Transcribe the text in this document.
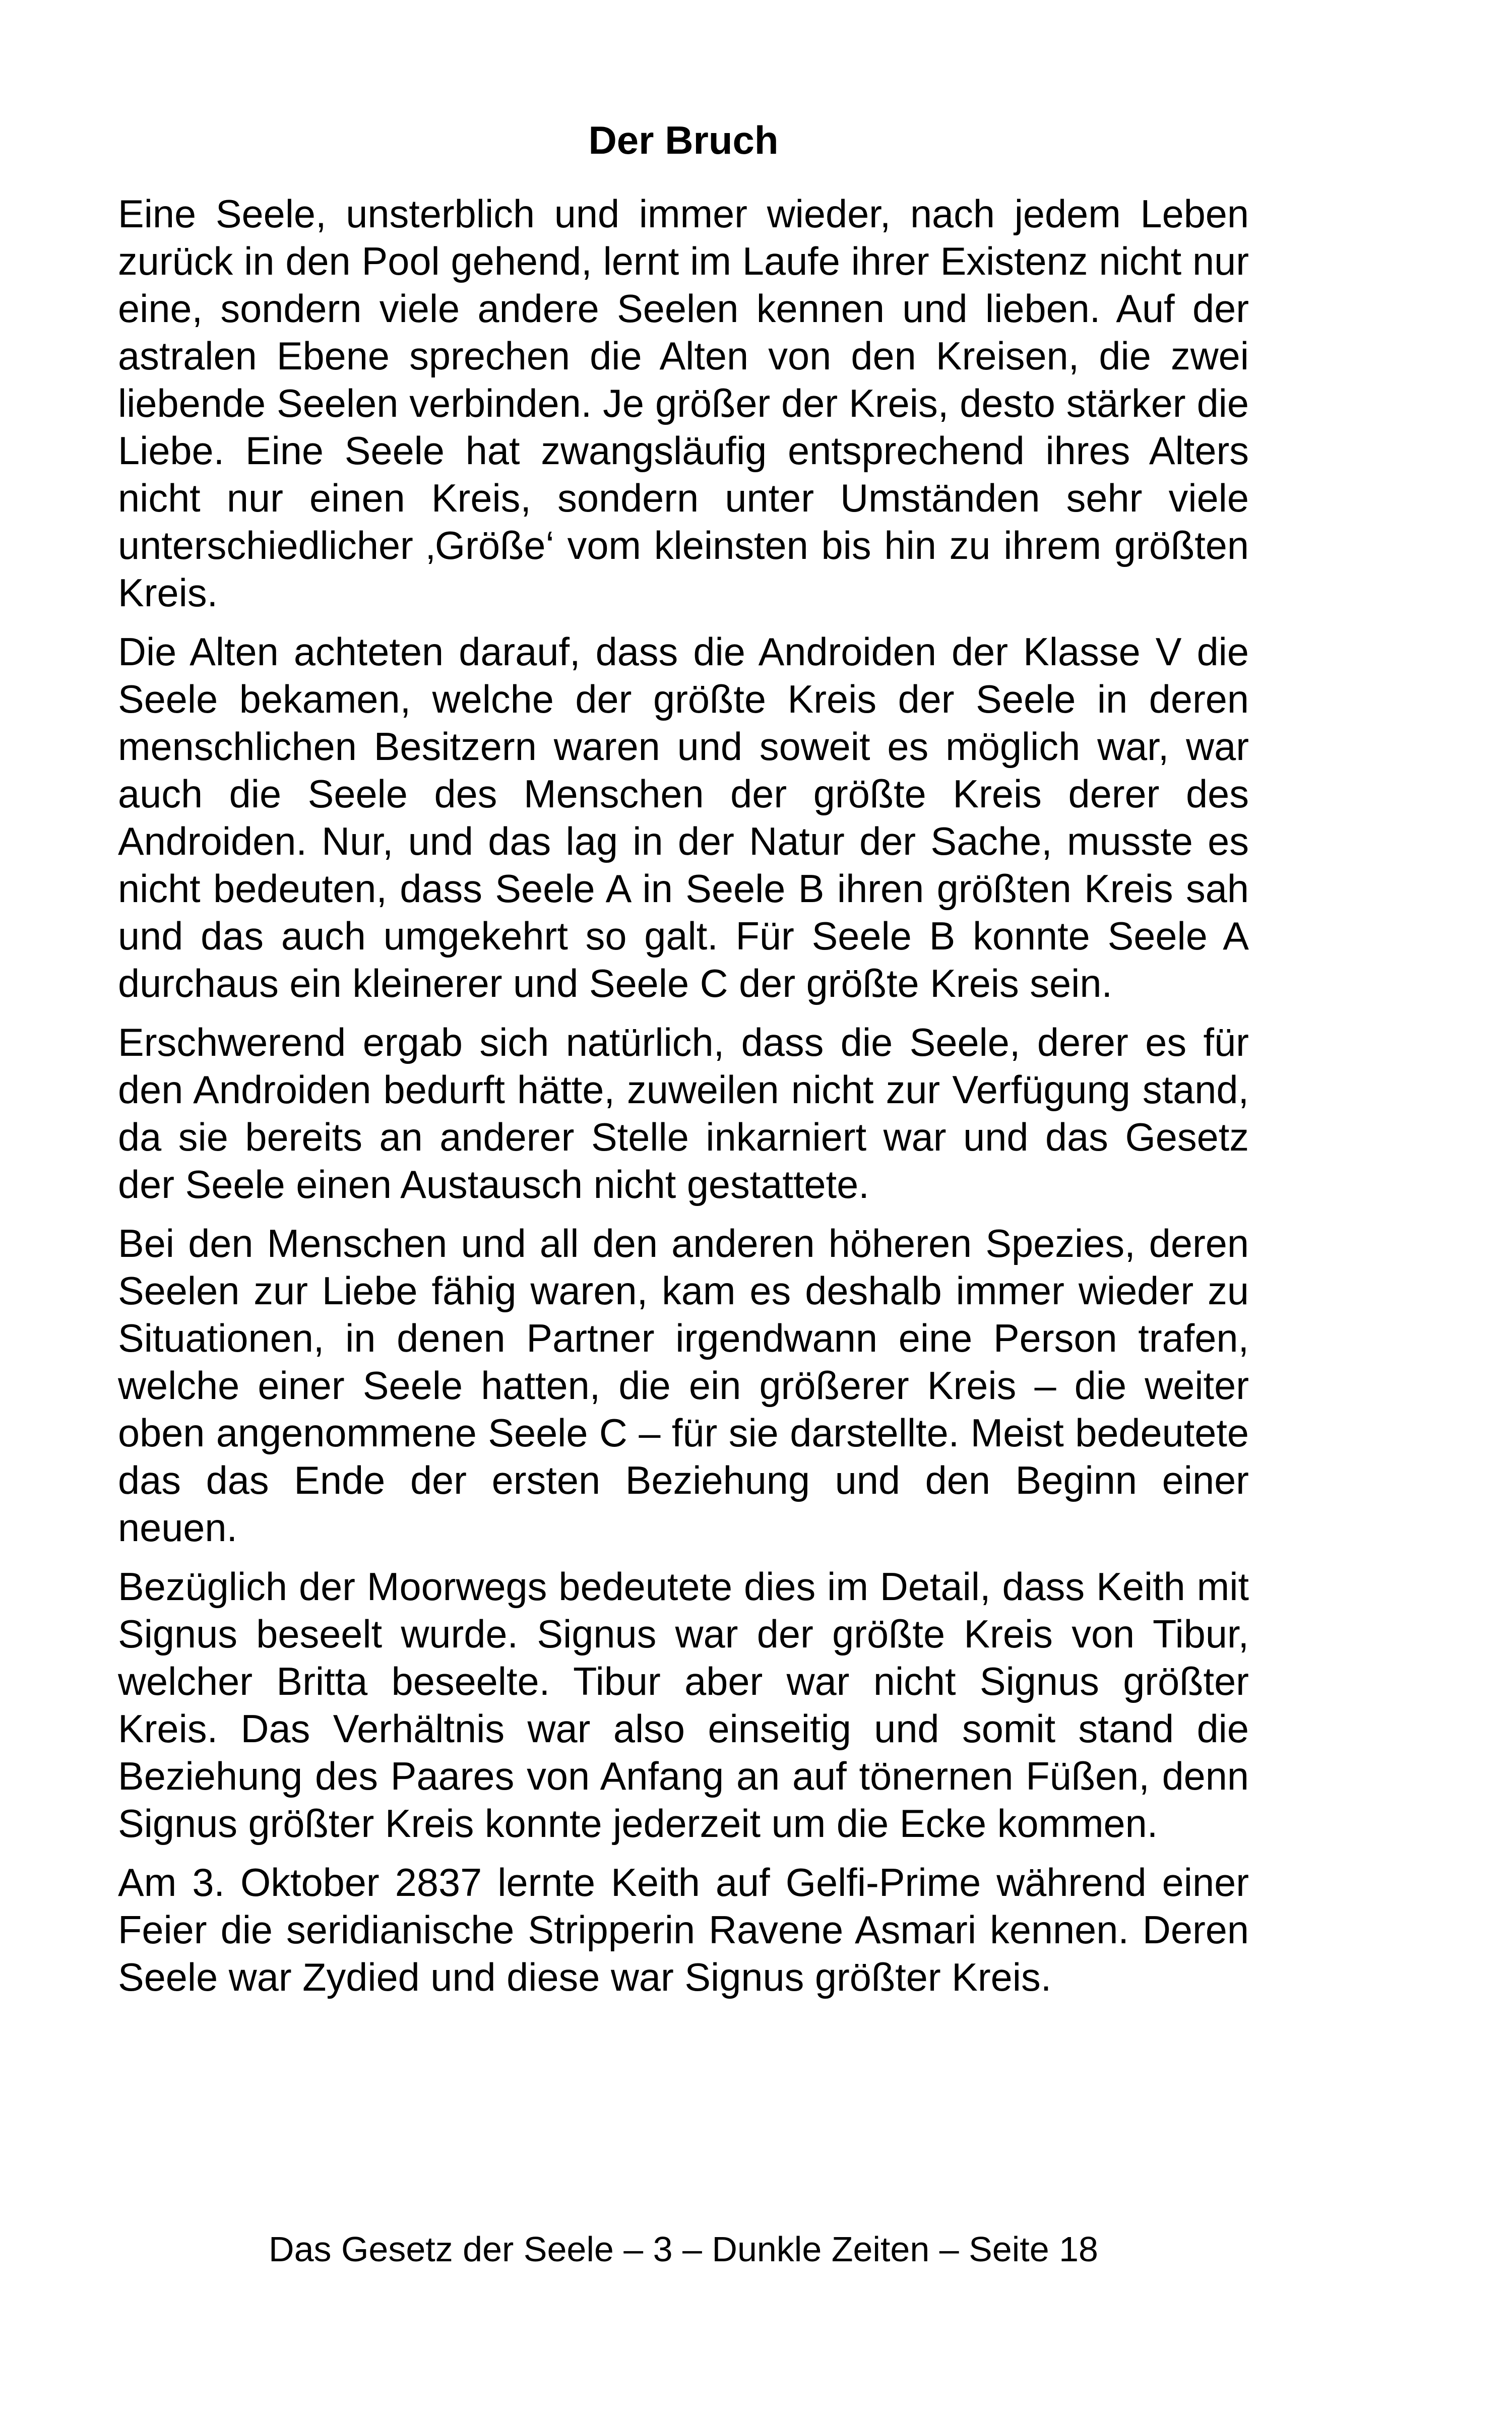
Der Bruch

Eine Seele, unsterblich und immer wieder, nach jedem Leben zurück in den Pool gehend, lernt im Laufe ihrer Existenz nicht nur eine, sondern viele andere Seelen kennen und lieben. Auf der astralen Ebene sprechen die Alten von den Kreisen, die zwei liebende Seelen verbinden. Je größer der Kreis, desto stärker die Liebe. Eine Seele hat zwangsläufig entsprechend ihres Alters nicht nur einen Kreis, sondern unter Umständen sehr viele unterschiedlicher ‚Größe‘ vom kleinsten bis hin zu ihrem größten Kreis.

Die Alten achteten darauf, dass die Androiden der Klasse V die Seele bekamen, welche der größte Kreis der Seele in deren menschlichen Besitzern waren und soweit es möglich war, war auch die Seele des Menschen der größte Kreis derer des Androiden. Nur, und das lag in der Natur der Sache, musste es nicht bedeuten, dass Seele A in Seele B ihren größten Kreis sah und das auch umgekehrt so galt. Für Seele B konnte Seele A durchaus ein kleinerer und Seele C der größte Kreis sein.

Erschwerend ergab sich natürlich, dass die Seele, derer es für den Androiden bedurft hätte, zuweilen nicht zur Verfügung stand, da sie bereits an anderer Stelle inkarniert war und das Gesetz der Seele einen Austausch nicht gestattete.

Bei den Menschen und all den anderen höheren Spezies, deren Seelen zur Liebe fähig waren, kam es deshalb immer wieder zu Situationen, in denen Partner irgendwann eine Person trafen, welche einer Seele hatten, die ein größerer Kreis – die weiter oben angenommene Seele C – für sie darstellte. Meist bedeutete das das Ende der ersten Beziehung und den Beginn einer neuen.

Bezüglich der Moorwegs bedeutete dies im Detail, dass Keith mit Signus beseelt wurde. Signus war der größte Kreis von Tibur, welcher Britta beseelte. Tibur aber war nicht Signus größter Kreis. Das Verhältnis war also einseitig und somit stand die Beziehung des Paares von Anfang an auf tönernen Füßen, denn Signus größter Kreis konnte jederzeit um die Ecke kommen.

Am 3. Oktober 2837 lernte Keith auf Gelfi-Prime während einer Feier die seridianische Stripperin Ravene Asmari kennen. Deren Seele war Zydied und diese war Signus größter Kreis.

Das Gesetz der Seele – 3 – Dunkle Zeiten – Seite 18
